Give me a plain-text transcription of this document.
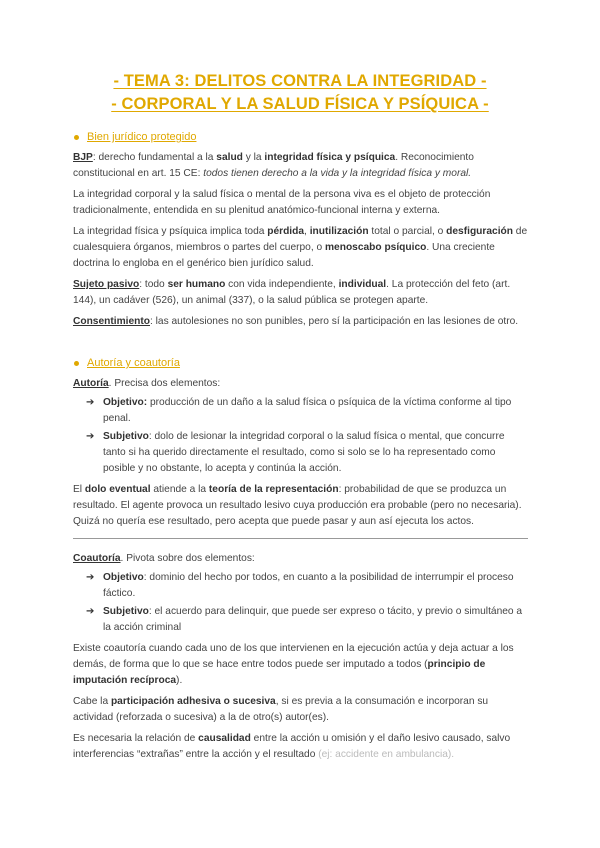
- TEMA 3: DELITOS CONTRA LA INTEGRIDAD -
- CORPORAL Y LA SALUD FÍSICA Y PSÍQUICA -
Bien jurídico protegido

BJP: derecho fundamental a la salud y la integridad física y psíquica. Reconocimiento constitucional en art. 15 CE: todos tienen derecho a la vida y la integridad física y moral.

La integridad corporal y la salud física o mental de la persona viva es el objeto de protección tradicionalmente, entendida en su plenitud anatómico-funcional interna y externa.

La integridad física y psíquica implica toda pérdida, inutilización total o parcial, o desfiguración de cualesquiera órganos, miembros o partes del cuerpo, o menoscabo psíquico. Una creciente doctrina lo engloba en el genérico bien jurídico salud.

Sujeto pasivo: todo ser humano con vida independiente, individual. La protección del feto (art. 144), un cadáver (526), un animal (337), o la salud pública se protegen aparte.

Consentimiento: las autolesiones no son punibles, pero sí la participación en las lesiones de otro.

Autoría y coautoría

Autoría. Precisa dos elementos:

➔ Objetivo: producción de un daño a la salud física o psíquica de la víctima conforme al tipo penal.
➔ Subjetivo: dolo de lesionar la integridad corporal o la salud física o mental, que concurre tanto si ha querido directamente el resultado, como si solo se lo ha representado como posible y no obstante, lo acepta y continúa la acción.

El dolo eventual atiende a la teoría de la representación: probabilidad de que se produzca un resultado. El agente provoca un resultado lesivo cuya producción era probable (pero no necesaria). Quizá no quería ese resultado, pero acepta que puede pasar y aun así ejecuta los actos.

Coautoría. Pivota sobre dos elementos:

➔ Objetivo: dominio del hecho por todos, en cuanto a la posibilidad de interrumpir el proceso fáctico.
➔ Subjetivo: el acuerdo para delinquir, que puede ser expreso o tácito, y previo o simultáneo a la acción criminal

Existe coautoría cuando cada uno de los que intervienen en la ejecución actúa y deja actuar a los demás, de forma que lo que se hace entre todos puede ser imputado a todos (principio de imputación recíproca).

Cabe la participación adhesiva o sucesiva, si es previa a la consumación e incorporan su actividad (reforzada o sucesiva) a la de otro(s) autor(es).

Es necesaria la relación de causalidad entre la acción u omisión y el daño lesivo causado, salvo interferencias “extrañas” entre la acción y el resultado (ej: accidente en ambulancia).
